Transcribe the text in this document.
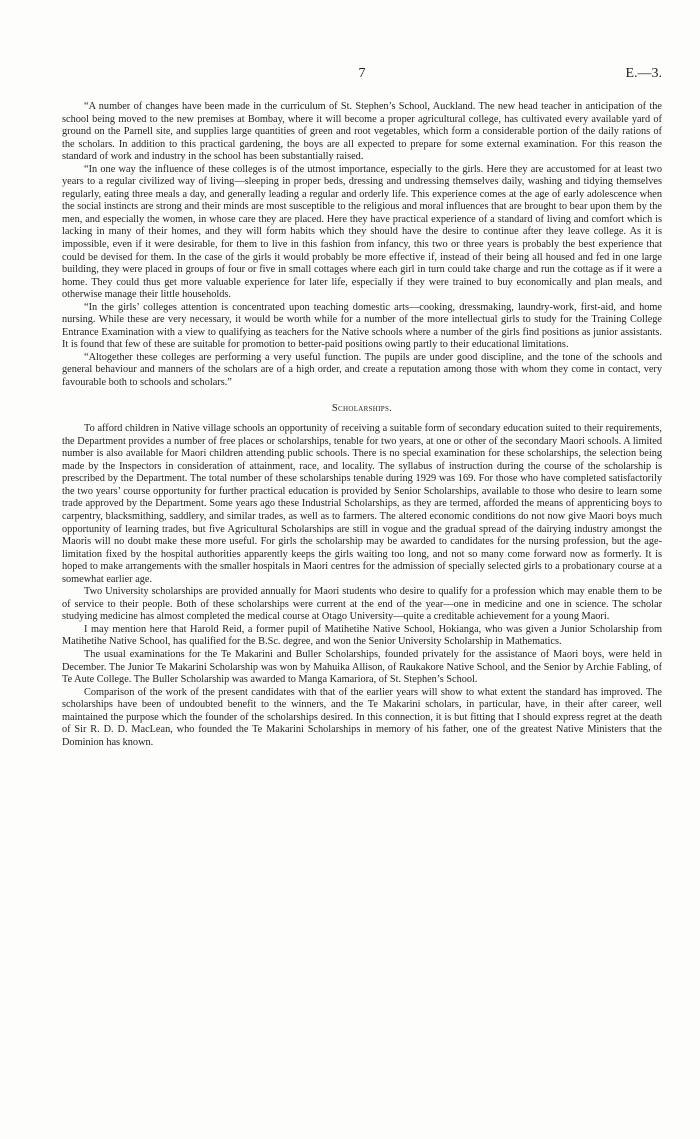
7	E.—3.

“A number of changes have been made in the curriculum of St. Stephen’s School, Auckland. The new head teacher in anticipation of the school being moved to the new premises at Bombay, where it will become a proper agricultural college, has cultivated every available yard of ground on the Parnell site, and supplies large quantities of green and root vegetables, which form a considerable portion of the daily rations of the scholars. In addition to this practical gardening, the boys are all expected to prepare for some external examination. For this reason the standard of work and industry in the school has been substantially raised.

“In one way the influence of these colleges is of the utmost importance, especially to the girls. Here they are accustomed for at least two years to a regular civilized way of living—sleeping in proper beds, dressing and undressing themselves daily, washing and tidying themselves regularly, eating three meals a day, and generally leading a regular and orderly life. This experience comes at the age of early adolescence when the social instincts are strong and their minds are most susceptible to the religious and moral influences that are brought to bear upon them by the men, and especially the women, in whose care they are placed. Here they have practical experience of a standard of living and comfort which is lacking in many of their homes, and they will form habits which they should have the desire to continue after they leave college. As it is impossible, even if it were desirable, for them to live in this fashion from infancy, this two or three years is probably the best experience that could be devised for them. In the case of the girls it would probably be more effective if, instead of their being all housed and fed in one large building, they were placed in groups of four or five in small cottages where each girl in turn could take charge and run the cottage as if it were a home. They could thus get more valuable experience for later life, especially if they were trained to buy economically and plan meals, and otherwise manage their little households.

“In the girls’ colleges attention is concentrated upon teaching domestic arts—cooking, dressmaking, laundry-work, first-aid, and home nursing. While these are very necessary, it would be worth while for a number of the more intellectual girls to study for the Training College Entrance Examination with a view to qualifying as teachers for the Native schools where a number of the girls find positions as junior assistants. It is found that few of these are suitable for promotion to better-paid positions owing partly to their educational limitations.

“Altogether these colleges are performing a very useful function. The pupils are under good discipline, and the tone of the schools and general behaviour and manners of the scholars are of a high order, and create a reputation among those with whom they come in contact, very favourable both to schools and scholars.”

Scholarships.

To afford children in Native village schools an opportunity of receiving a suitable form of secondary education suited to their requirements, the Department provides a number of free places or scholarships, tenable for two years, at one or other of the secondary Maori schools. A limited number is also available for Maori children attending public schools. There is no special examination for these scholarships, the selection being made by the Inspectors in consideration of attainment, race, and locality. The syllabus of instruction during the course of the scholarship is prescribed by the Department. The total number of these scholarships tenable during 1929 was 169. For those who have completed satisfactorily the two years’ course opportunity for further practical education is provided by Senior Scholarships, available to those who desire to learn some trade approved by the Department. Some years ago these Industrial Scholarships, as they are termed, afforded the means of apprenticing boys to carpentry, blacksmithing, saddlery, and similar trades, as well as to farmers. The altered economic conditions do not now give Maori boys much opportunity of learning trades, but five Agricultural Scholarships are still in vogue and the gradual spread of the dairying industry amongst the Maoris will no doubt make these more useful. For girls the scholarship may be awarded to candidates for the nursing profession, but the age-limitation fixed by the hospital authorities apparently keeps the girls waiting too long, and not so many come forward now as formerly. It is hoped to make arrangements with the smaller hospitals in Maori centres for the admission of specially selected girls to a probationary course at a somewhat earlier age.

Two University scholarships are provided annually for Maori students who desire to qualify for a profession which may enable them to be of service to their people. Both of these scholarships were current at the end of the year—one in medicine and one in science. The scholar studying medicine has almost completed the medical course at Otago University—quite a creditable achievement for a young Maori.

I may mention here that Harold Reid, a former pupil of Matihetihe Native School, Hokianga, who was given a Junior Scholarship from Matihetihe Native School, has qualified for the B.Sc. degree, and won the Senior University Scholarship in Mathematics.

The usual examinations for the Te Makarini and Buller Scholarships, founded privately for the assistance of Maori boys, were held in December. The Junior Te Makarini Scholarship was won by Mahuika Allison, of Raukakore Native School, and the Senior by Archie Fabling, of Te Aute College. The Buller Scholarship was awarded to Manga Kamariora, of St. Stephen’s School.

Comparison of the work of the present candidates with that of the earlier years will show to what extent the standard has improved. The scholarships have been of undoubted benefit to the winners, and the Te Makarini scholars, in particular, have, in their after career, well maintained the purpose which the founder of the scholarships desired. In this connection, it is but fitting that I should express regret at the death of Sir R. D. D. MacLean, who founded the Te Makarini Scholarships in memory of his father, one of the greatest Native Ministers that the Dominion has known.
